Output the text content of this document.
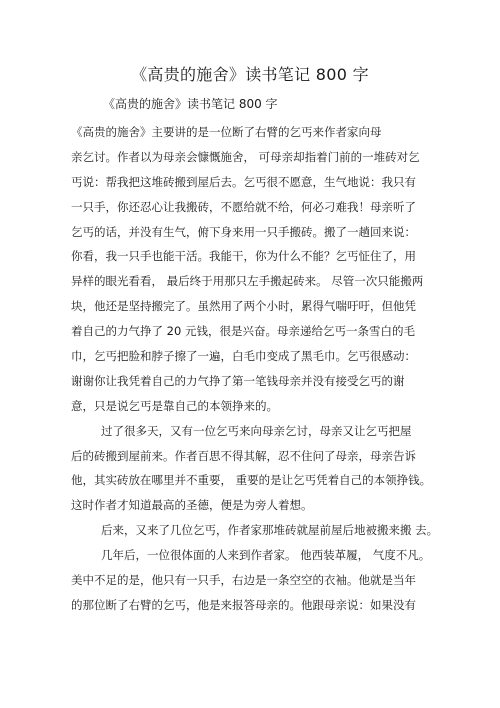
《高贵的施舍》读书笔记 800 字
《高贵的施舍》读书笔记 800 字
《高贵的施舍》主要讲的是一位断了右臂的乞丐来作者家向母
亲乞讨。作者以为母亲会慷慨施舍， 可母亲却指着门前的一堆砖对乞
丐说：帮我把这堆砖搬到屋后去。乞丐很不愿意，生气地说：我只有
一只手，你还忍心让我搬砖，不愿给就不给，何必刁难我！母亲听了
乞丐的话，并没有生气，俯下身来用一只手搬砖。搬了一趟回来说：
你看，我一只手也能干活。我能干，你为什么不能？乞丐怔住了，用
异样的眼光看看， 最后终于用那只左手搬起砖来。 尽管一次只能搬两
块，他还是坚持搬完了。虽然用了两个小时，累得气喘吁吁，但他凭
着自己的力气挣了 20 元钱，很是兴奋。母亲递给乞丐一条雪白的毛
巾，乞丐把脸和脖子擦了一遍，白毛巾变成了黑毛巾。乞丐很感动：
谢谢你让我凭着自己的力气挣了第一笔钱母亲并没有接受乞丐的谢
意，只是说乞丐是靠自己的本领挣来的。
过了很多天，又有一位乞丐来向母亲乞讨，母亲又让乞丐把屋
后的砖搬到屋前来。作者百思不得其解，忍不住问了母亲，母亲告诉
他，其实砖放在哪里并不重要， 重要的是让乞丐凭着自己的本领挣钱。
这时作者才知道最高的圣德，便是为旁人着想。
后来，又来了几位乞丐，作者家那堆砖就屋前屋后地被搬来搬 去。
几年后，一位很体面的人来到作者家。 他西装革履， 气度不凡。
美中不足的是，他只有一只手，右边是一条空空的衣袖。他就是当年
的那位断了右臂的乞丐，他是来报答母亲的。他跟母亲说：如果没有
